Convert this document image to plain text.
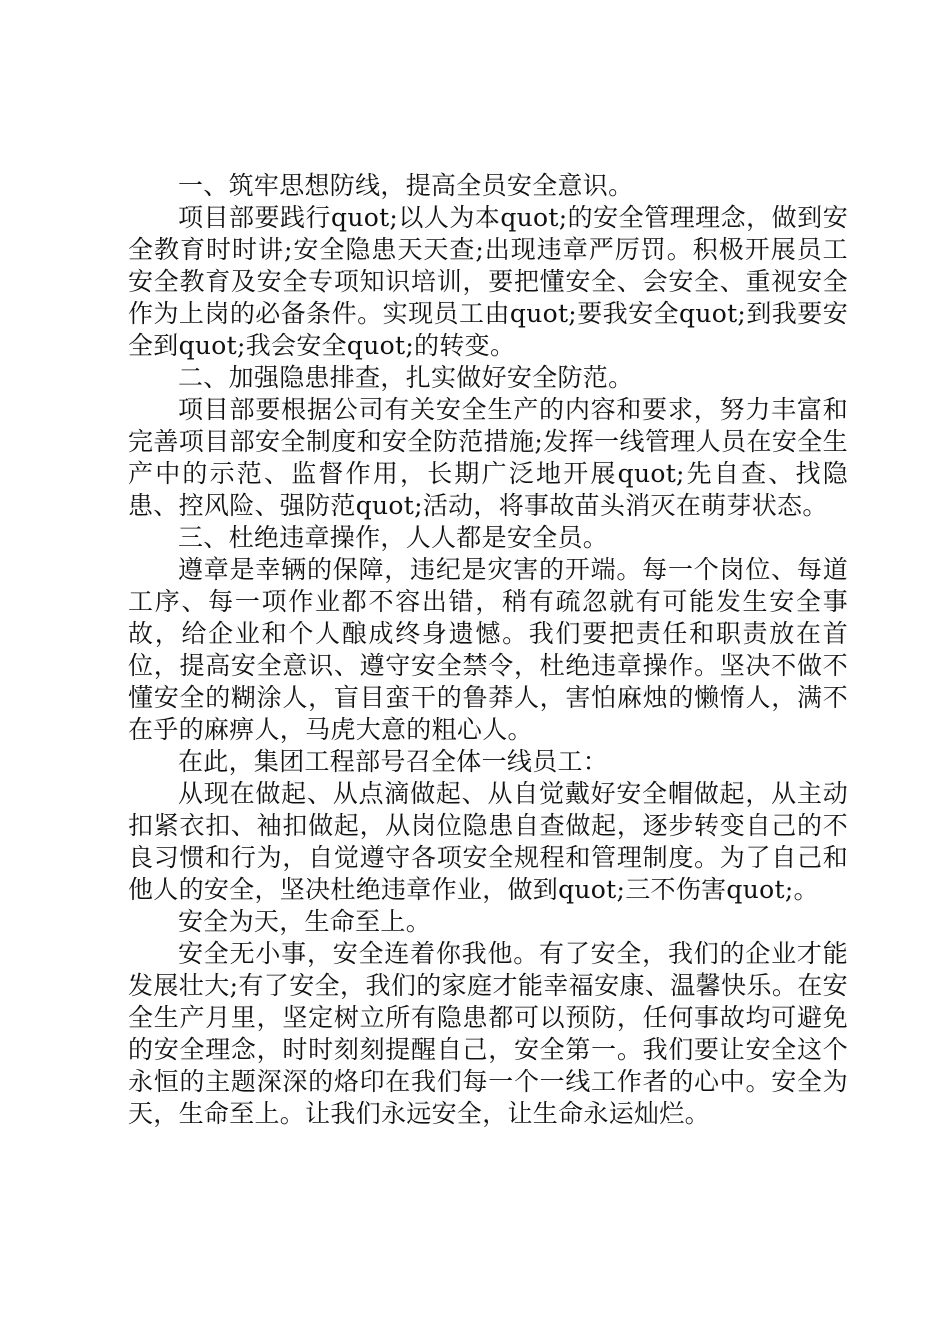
一、筑牢思想防线，提高全员安全意识。

项目部要践行quot;以人为本quot;的安全管理理念，做到安全教育时时讲;安全隐患天天查;出现违章严厉罚。积极开展员工安全教育及安全专项知识培训，要把懂安全、会安全、重视安全作为上岗的必备条件。实现员工由quot;要我安全quot;到我要安全到quot;我会安全quot;的转变。

二、加强隐患排查，扎实做好安全防范。

项目部要根据公司有关安全生产的内容和要求，努力丰富和完善项目部安全制度和安全防范措施;发挥一线管理人员在安全生产中的示范、监督作用，长期广泛地开展quot;先自查、找隐患、控风险、强防范quot;活动，将事故苗头消灭在萌芽状态。

三、杜绝违章操作，人人都是安全员。

遵章是幸辆的保障，违纪是灾害的开端。每一个岗位、每道工序、每一项作业都不容出错，稍有疏忽就有可能发生安全事故，给企业和个人酿成终身遗憾。我们要把责任和职责放在首位，提高安全意识、遵守安全禁令，杜绝违章操作。坚决不做不懂安全的糊涂人，盲目蛮干的鲁莽人，害怕麻烛的懒惰人，满不在乎的麻痹人，马虎大意的粗心人。

在此，集团工程部号召全体一线员工：

从现在做起、从点滴做起、从自觉戴好安全帽做起，从主动扣紧衣扣、袖扣做起，从岗位隐患自查做起，逐步转变自己的不良习惯和行为，自觉遵守各项安全规程和管理制度。为了自己和他人的安全，坚决杜绝违章作业，做到quot;三不伤害quot;。

安全为天，生命至上。

安全无小事，安全连着你我他。有了安全，我们的企业才能发展壮大;有了安全，我们的家庭才能幸福安康、温馨快乐。在安全生产月里，坚定树立所有隐患都可以预防，任何事故均可避免的安全理念，时时刻刻提醒自己，安全第一。我们要让安全这个永恒的主题深深的烙印在我们每一个一线工作者的心中。安全为天，生命至上。让我们永远安全，让生命永运灿烂。
